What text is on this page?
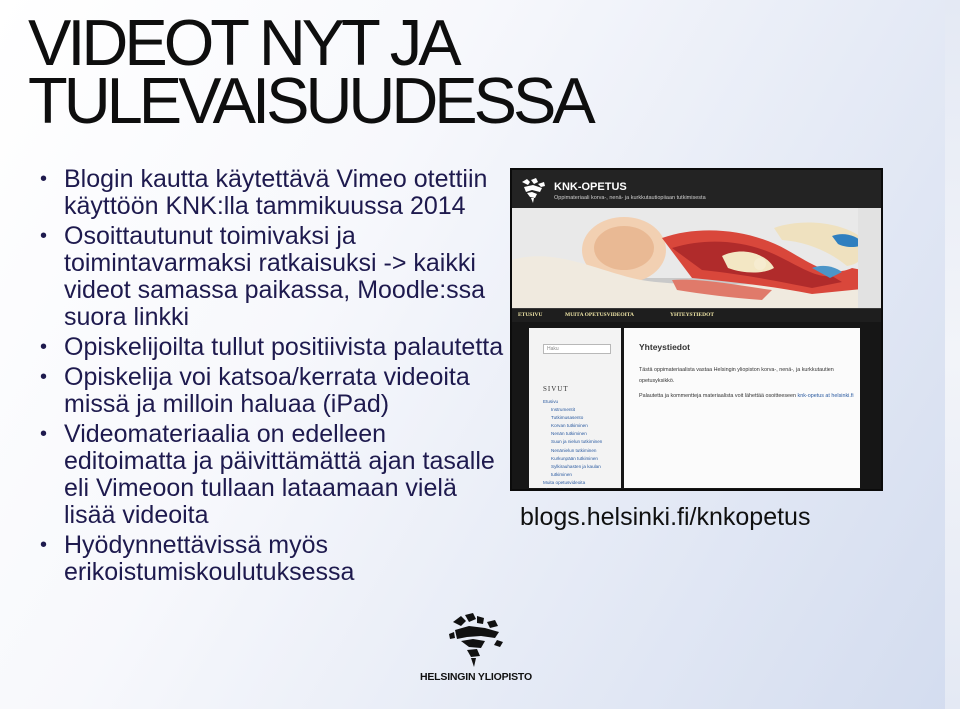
VIDEOT NYT JA
TULEVAISUUDESSA
• Blogin kautta käytettävä Vimeo otettiin käyttöön KNK:lla tammikuussa 2014
• Osoittautunut toimivaksi ja toimintavarmaksi ratkaisuksi -> kaikki videot samassa paikassa, Moodle:ssa suora linkki
• Opiskelijoilta tullut positiivista palautetta
• Opiskelija voi katsoa/kerrata videoita missä ja milloin haluaa (iPad)
• Videomateriaalia on edelleen editoimatta ja päivittämättä ajan tasalle eli Vimeoon tullaan lataamaan vielä lisää videoita
• Hyödynnettävissä myös erikoistumiskoulutuksessa
KNK-OPETUS
Oppimateriaali korva-, nenä- ja kurkkutautiopiiaan tutkimisesta
ETUSIVU	MUITA OPETUSVIDEOITA	YHTEYSTIEDOT
Haku
SIVUT
Etusivu
Instrumentit
Tutkimusasento
Korvan tutkiminen
Nenän tutkiminen
Suun ja nielun tutkiminen
Nenänielun tutkiminen
Kurkunpään tutkiminen
Sylkirauhasten ja kaulan
tutkiminen
Muita opetusvideoita
Yhteystiedot
Yhteystiedot
Tästä oppimateriaalista vastaa Helsingin yliopiston korva-, nenä-, ja kurkkutautien opetusyksikkö.
Palautetta ja kommentteja materiaalista voit lähettää osoitteeseen knk-opetus at helsinki.fi
blogs.helsinki.fi/knkopetus
HELSINGIN YLIOPISTO
